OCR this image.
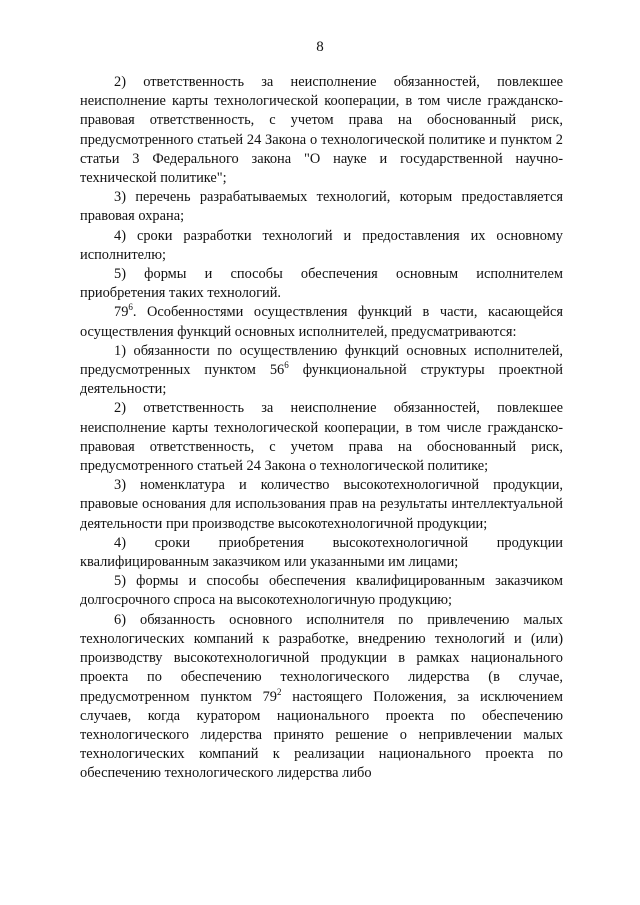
8

2) ответственность за неисполнение обязанностей, повлекшее неисполнение карты технологической кооперации, в том числе гражданско-правовая ответственность, с учетом права на обоснованный риск, предусмотренного статьей 24 Закона о технологической политике и пунктом 2 статьи 3 Федерального закона "О науке и государственной научно-технической политике";

3) перечень разрабатываемых технологий, которым предоставляется правовая охрана;

4) сроки разработки технологий и предоставления их основному исполнителю;

5) формы и способы обеспечения основным исполнителем приобретения таких технологий.

$79^6$. Особенностями осуществления функций в части, касающейся осуществления функций основных исполнителей, предусматриваются:

1) обязанности по осуществлению функций основных исполнителей, предусмотренных пунктом $56^6$ функциональной структуры проектной деятельности;

2) ответственность за неисполнение обязанностей, повлекшее неисполнение карты технологической кооперации, в том числе гражданско-правовая ответственность, с учетом права на обоснованный риск, предусмотренного статьей 24 Закона о технологической политике;

3) номенклатура и количество высокотехнологичной продукции, правовые основания для использования прав на результаты интеллектуальной деятельности при производстве высокотехнологичной продукции;

4) сроки приобретения высокотехнологичной продукции квалифицированным заказчиком или указанными им лицами;

5) формы и способы обеспечения квалифицированным заказчиком долгосрочного спроса на высокотехнологичную продукцию;

6) обязанность основного исполнителя по привлечению малых технологических компаний к разработке, внедрению технологий и (или) производству высокотехнологичной продукции в рамках национального проекта по обеспечению технологического лидерства (в случае, предусмотренном пунктом $79^2$ настоящего Положения, за исключением случаев, когда куратором национального проекта по обеспечению технологического лидерства принято решение о непривлечении малых технологических компаний к реализации национального проекта по обеспечению технологического лидерства либо
